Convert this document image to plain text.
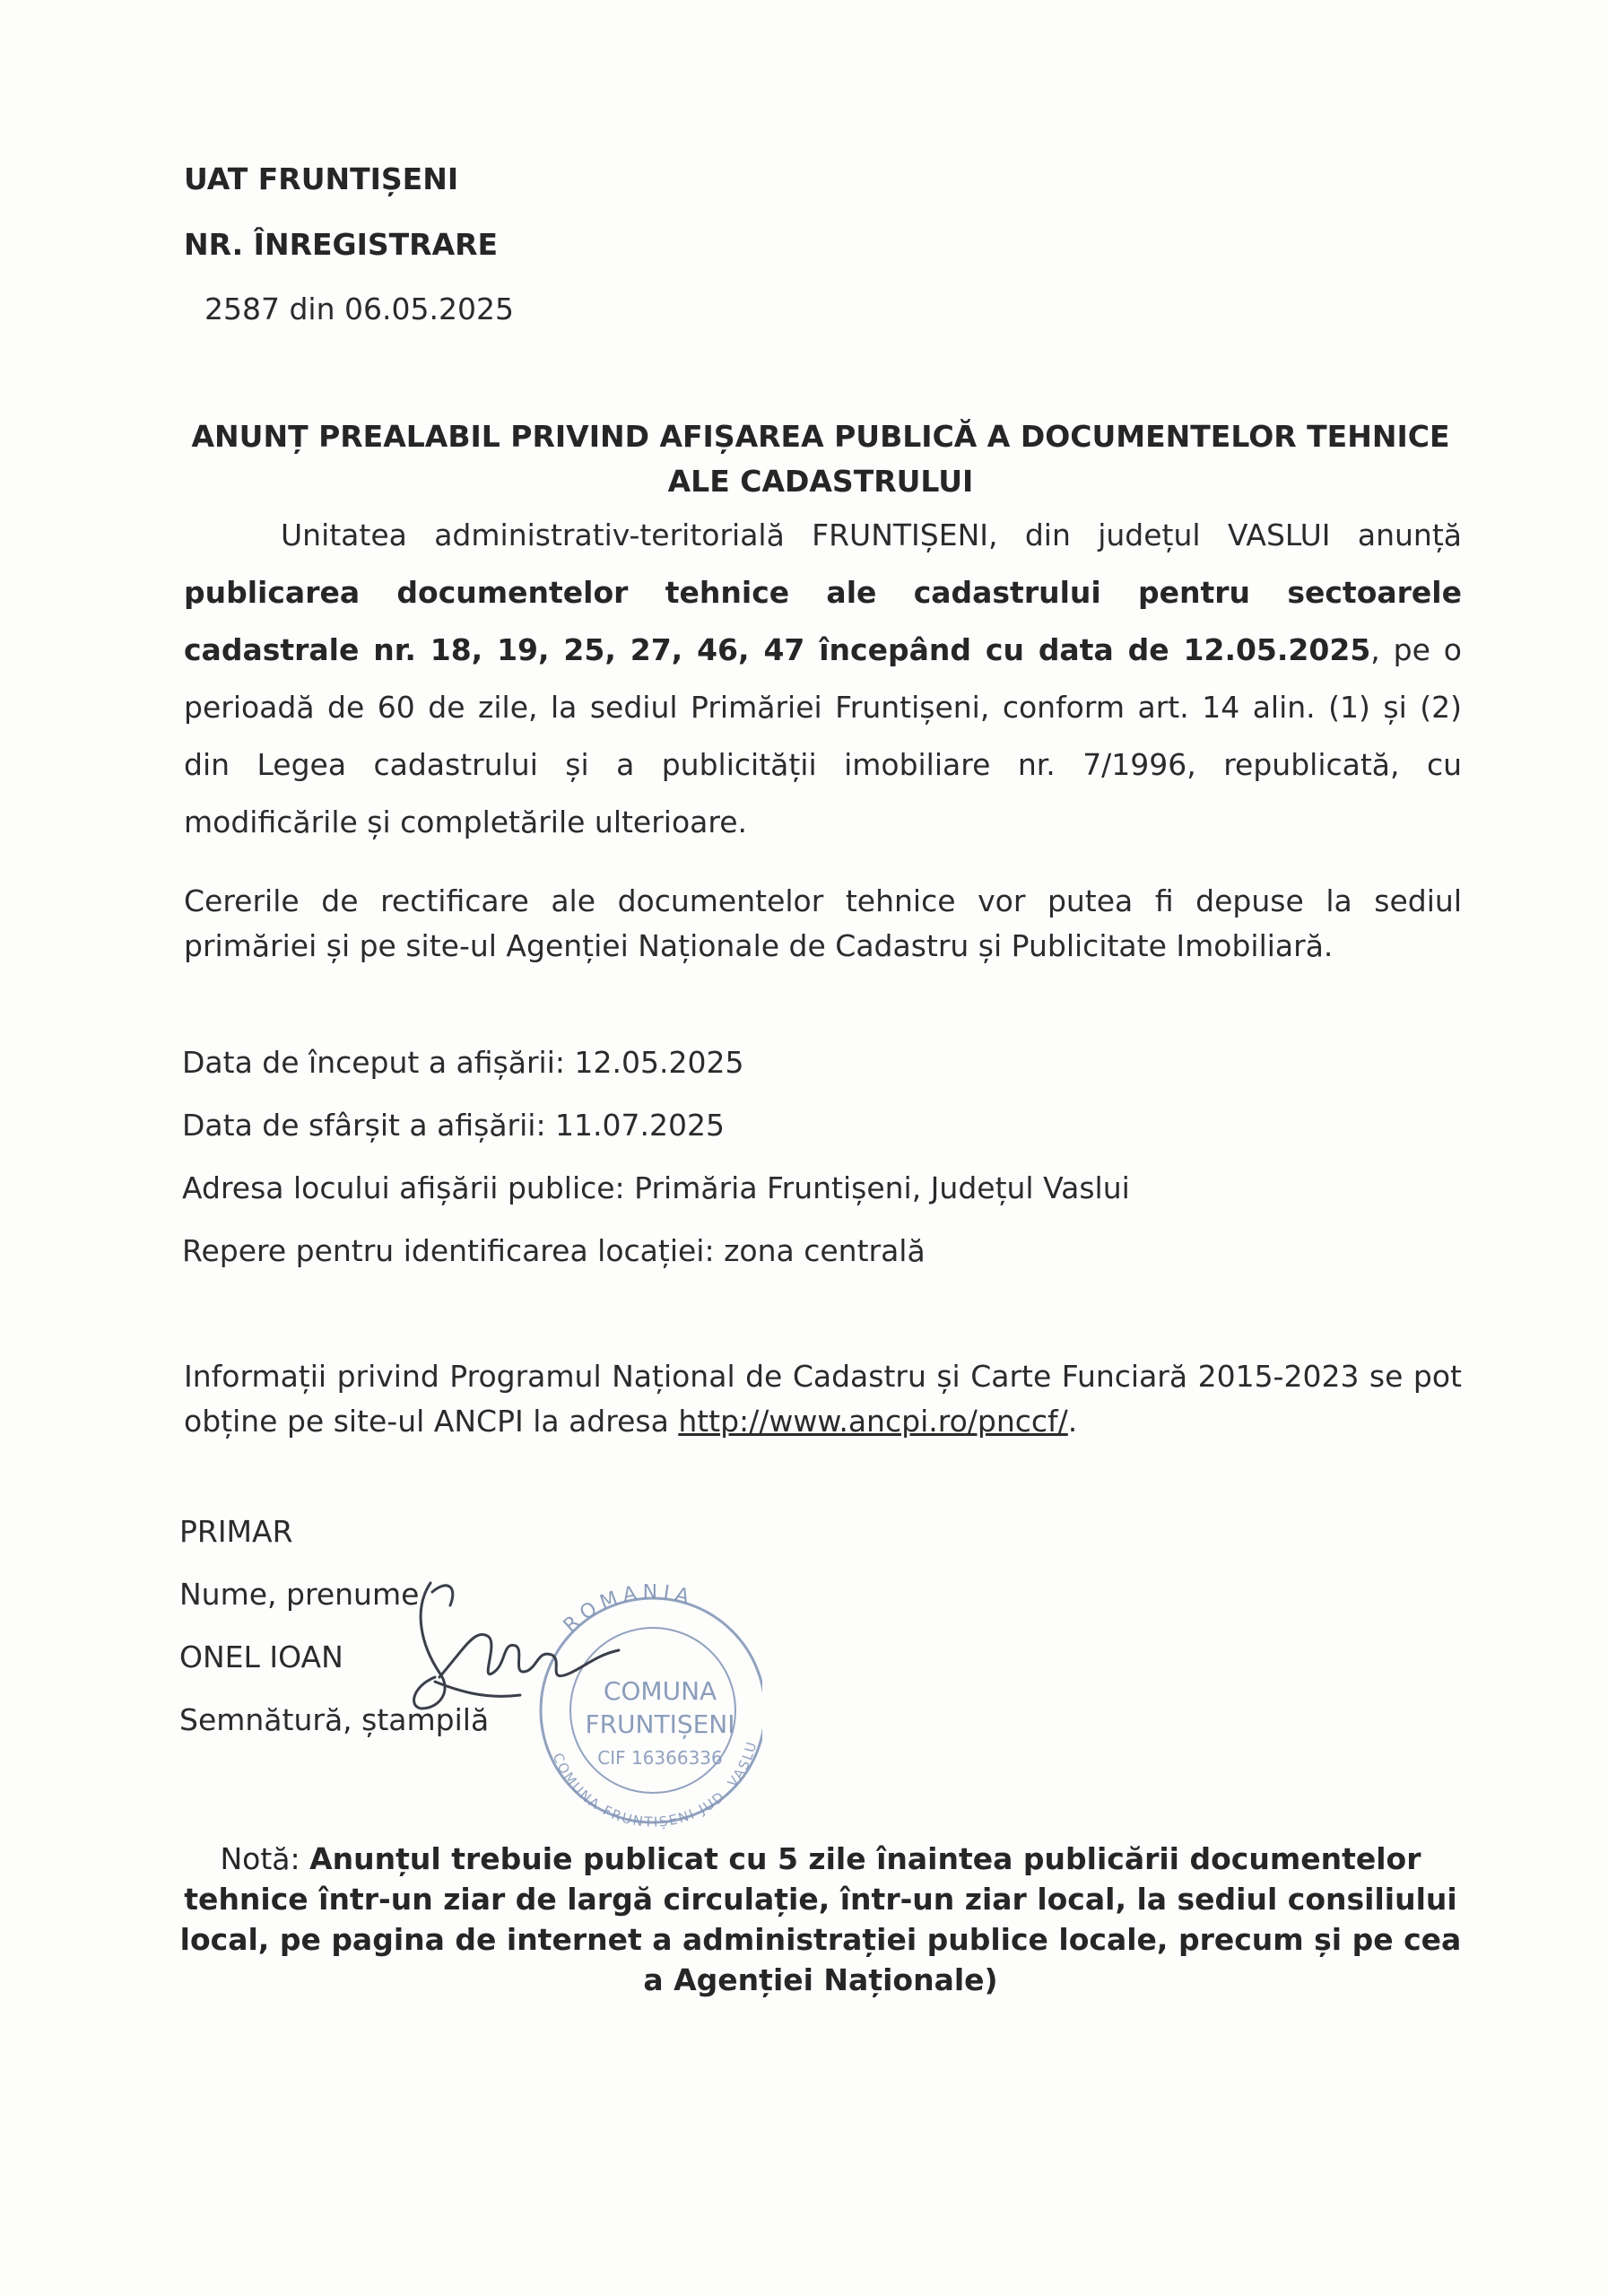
UAT FRUNTIȘENI
NR. ÎNREGISTRARE
2587 din 06.05.2025
ANUNȚ PREALABIL PRIVIND AFIȘAREA PUBLICĂ A DOCUMENTELOR TEHNICE ALE CADASTRULUI
Unitatea administrativ-teritorială FRUNTIȘENI, din județul VASLUI anunță publicarea documentelor tehnice ale cadastrului pentru sectoarele cadastrale nr. 18, 19, 25, 27, 46, 47 începând cu data de 12.05.2025, pe o perioadă de 60 de zile, la sediul Primăriei Fruntișeni, conform art. 14 alin. (1) și (2) din Legea cadastrului și a publicității imobiliare nr. 7/1996, republicată, cu modificările și completările ulterioare.
Cererile de rectificare ale documentelor tehnice vor putea fi depuse la sediul primăriei și pe site-ul Agenției Naționale de Cadastru și Publicitate Imobiliară.
Data de început a afișării: 12.05.2025
Data de sfârșit a afișării: 11.07.2025
Adresa locului afișării publice: Primăria Fruntișeni, Județul Vaslui
Repere pentru identificarea locației: zona centrală
Informații privind Programul Național de Cadastru și Carte Funciară 2015-2023 se pot obține pe site-ul ANCPI la adresa http://www.ancpi.ro/pnccf/.
PRIMAR
Nume, prenume
ONEL IOAN
Semnătură, ștampilă
ROMANIA
COMUNA FRUNTIȘENI JUD. VASLU
COMUNA
FRUNTIȘENI
CIF 16366336
Notă: Anunțul trebuie publicat cu 5 zile înaintea publicării documentelor tehnice într-un ziar de largă circulație, într-un ziar local, la sediul consiliului local, pe pagina de internet a administrației publice locale, precum și pe cea a Agenției Naționale)
